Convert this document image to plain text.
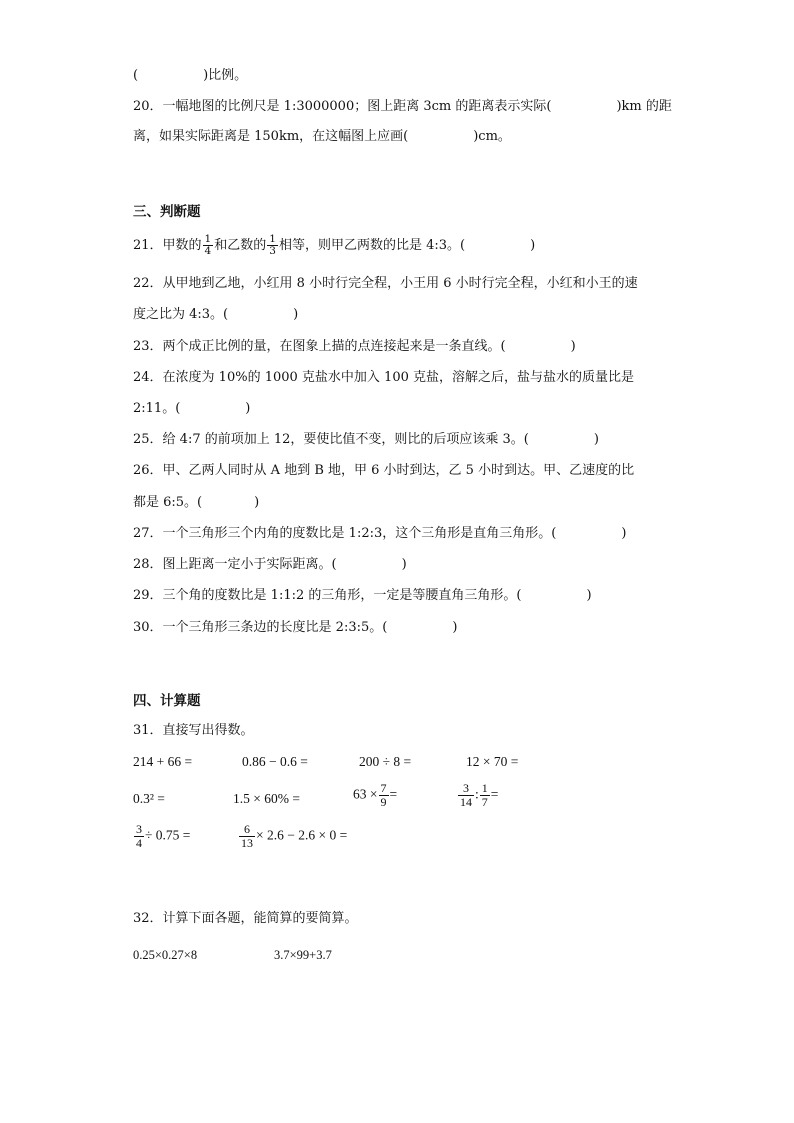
(　　　　　)比例。
20．一幅地图的比例尺是 1:3000000；图上距离 3cm 的距离表示实际(　　　　　)km 的距
离，如果实际距离是 150km，在这幅图上应画(　　　　　)cm。
三、判断题
21．甲数的 $\frac{1}{4}$ 和乙数的 $\frac{1}{3}$ 相等，则甲乙两数的比是 4:3。(　　　　　)
22．从甲地到乙地，小红用 8 小时行完全程，小王用 6 小时行完全程，小红和小王的速
度之比为 4:3。(　　　　　)
23．两个成正比例的量，在图象上描的点连接起来是一条直线。(　　　　　)
24．在浓度为 10%的 1000 克盐水中加入 100 克盐，溶解之后，盐与盐水的质量比是
2:11。(　　　　　)
25．给 4:7 的前项加上 12，要使比值不变，则比的后项应该乘 3。(　　　　　)
26．甲、乙两人同时从 A 地到 B 地，甲 6 小时到达，乙 5 小时到达。甲、乙速度的比
都是 6:5。(　　　　)
27．一个三角形三个内角的度数比是 1:2:3，这个三角形是直角三角形。(　　　　　)
28．图上距离一定小于实际距离。(　　　　　)
29．三个角的度数比是 1:1:2 的三角形，一定是等腰直角三角形。(　　　　　)
30．一个三角形三条边的长度比是 2:3:5。(　　　　　)
四、计算题
31．直接写出得数。
214 + 66 =	0.86 − 0.6 =	200 ÷ 8 =	12 × 70 =
0.3² =	1.5 × 60% =	$63 \times \frac{7}{9}$ =	$\frac{3}{14}$ : $\frac{1}{7}$ =
$\frac{3}{4} \div 0.75$ =	$\frac{6}{13} \times 2.6 - 2.6 \times 0$ =
32．计算下面各题，能简算的要简算。
0.25×0.27×8	3.7×99+3.7
